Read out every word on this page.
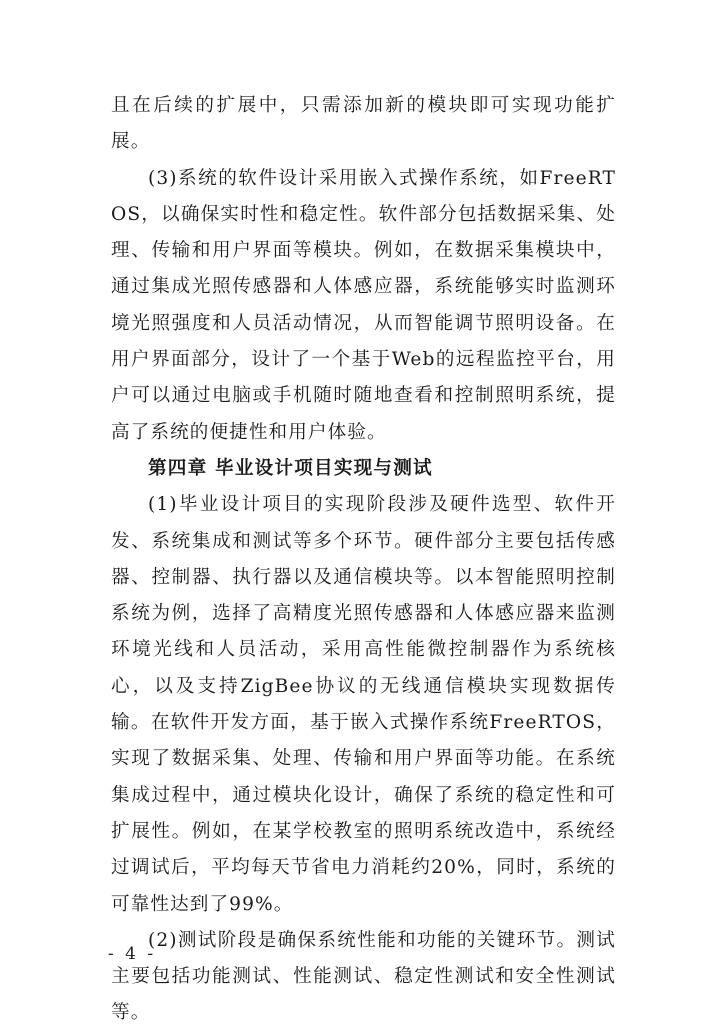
且在后续的扩展中，只需添加新的模块即可实现功能扩展。

(3)系统的软件设计采用嵌入式操作系统，如FreeRTOS，以确保实时性和稳定性。软件部分包括数据采集、处理、传输和用户界面等模块。例如，在数据采集模块中，通过集成光照传感器和人体感应器，系统能够实时监测环境光照强度和人员活动情况，从而智能调节照明设备。在用户界面部分，设计了一个基于Web的远程监控平台，用户可以通过电脑或手机随时随地查看和控制照明系统，提高了系统的便捷性和用户体验。

第四章 毕业设计项目实现与测试

(1)毕业设计项目的实现阶段涉及硬件选型、软件开发、系统集成和测试等多个环节。硬件部分主要包括传感器、控制器、执行器以及通信模块等。以本智能照明控制系统为例，选择了高精度光照传感器和人体感应器来监测环境光线和人员活动，采用高性能微控制器作为系统核心，以及支持ZigBee协议的无线通信模块实现数据传输。在软件开发方面，基于嵌入式操作系统FreeRTOS，实现了数据采集、处理、传输和用户界面等功能。在系统集成过程中，通过模块化设计，确保了系统的稳定性和可扩展性。例如，在某学校教室的照明系统改造中，系统经过调试后，平均每天节省电力消耗约20%，同时，系统的可靠性达到了99%。

(2)测试阶段是确保系统性能和功能的关键环节。测试主要包括功能测试、性能测试、稳定性测试和安全性测试等。

- 4 -
